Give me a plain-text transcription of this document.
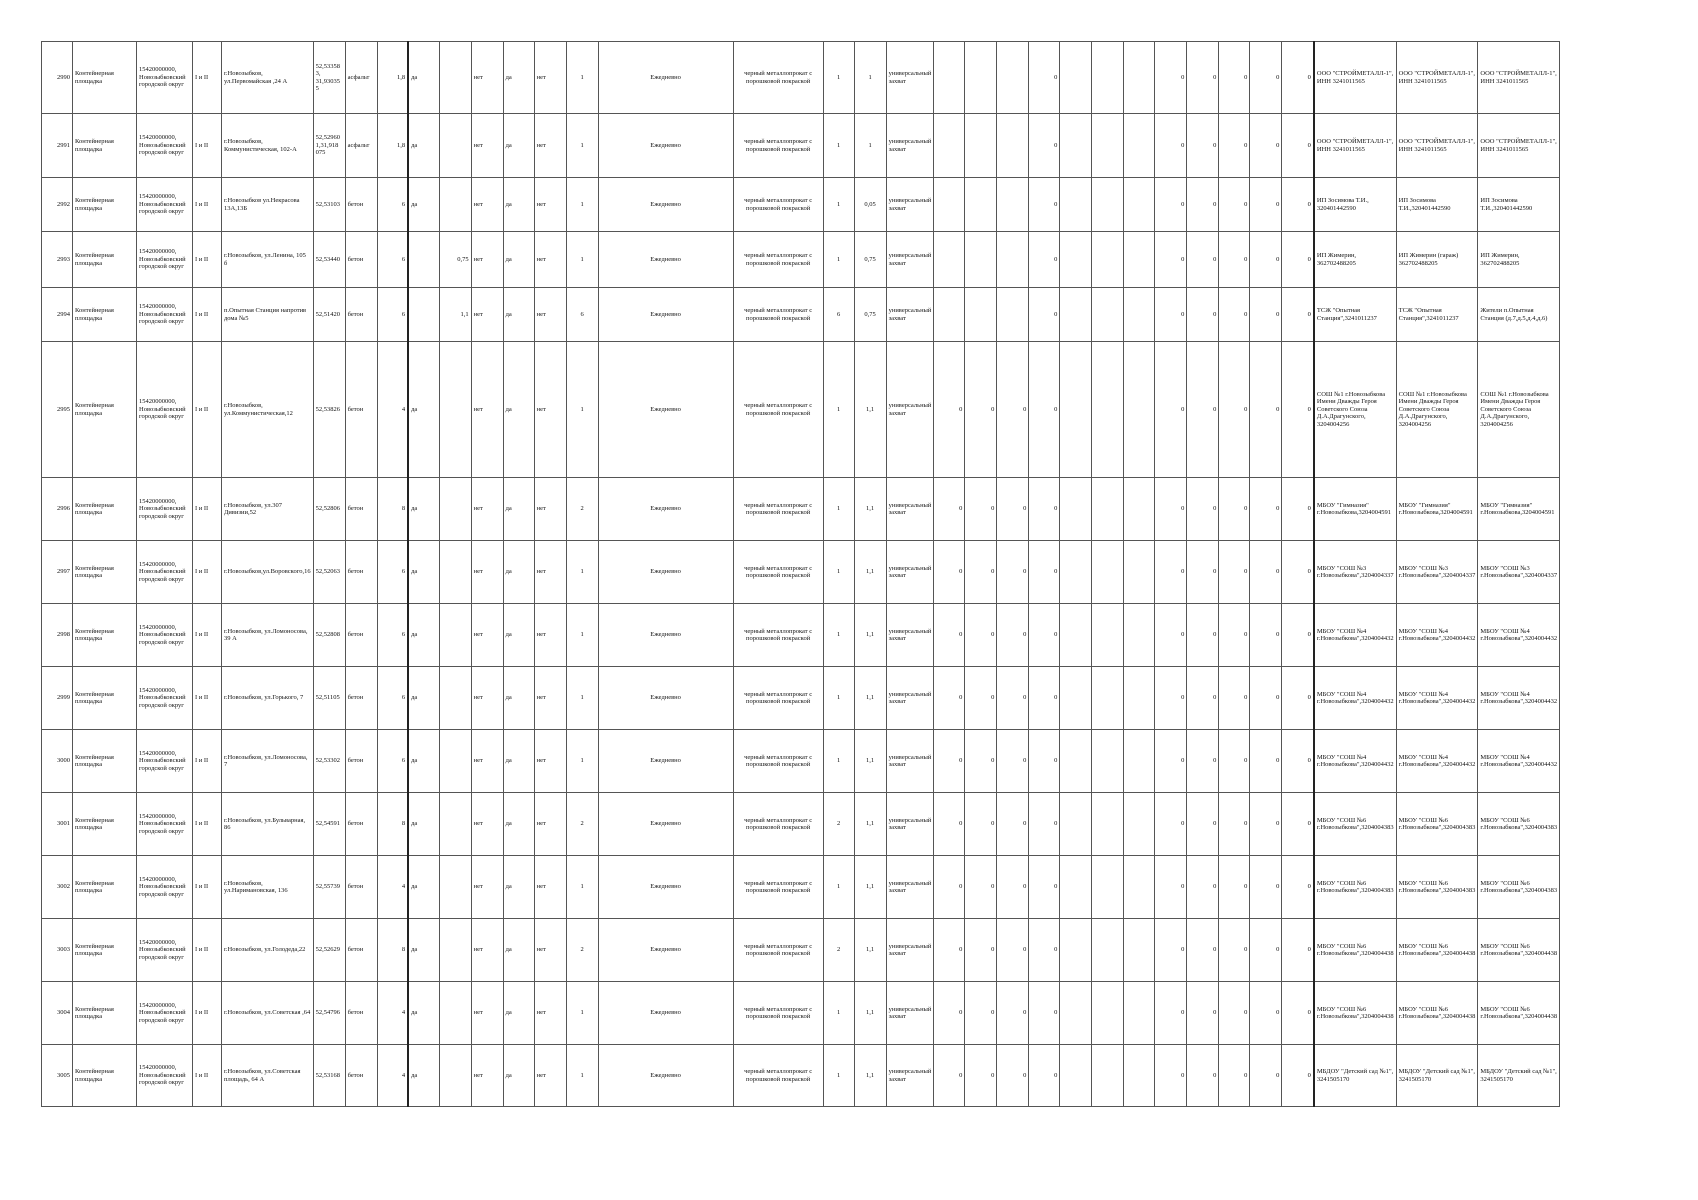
2990	Контейнерная площадка	15420000000, Новозыбковский городской округ	I и II	г.Новозыбков, ул.Первомайская ,24 А	52,53358 3, 31,93035 5	асфальт	1,8	да		нет	да	нет	1	Ежедневно	черный металлопрокат с порошковой покраской	1	1	универсальный захват				0				0	0	0	0	0	ООО "СТРОЙМЕТАЛЛ-1", ИНН 3241011565	ООО "СТРОЙМЕТАЛЛ-1", ИНН 3241011565	ООО "СТРОЙМЕТАЛЛ-1", ИНН 3241011565
2991	Контейнерная площадка	15420000000, Новозыбковский городской округ	I и II	г.Новозыбков, Коммунистическая, 102-А	52,52960 1,31,918 075	асфальт	1,8	да		нет	да	нет	1	Ежедневно	черный металлопрокат с порошковой покраской	1	1	универсальный захват				0				0	0	0	0	0	ООО "СТРОЙМЕТАЛЛ-1", ИНН 3241011565	ООО "СТРОЙМЕТАЛЛ-1", ИНН 3241011565	ООО "СТРОЙМЕТАЛЛ-1", ИНН 3241011565
2992	Контейнерная площадка	15420000000, Новозыбковский городской округ	I и II	г.Новозыбков ул.Некрасова 13А,13Б	52,53103	бетон	6	да		нет	да	нет	1	Ежедневно	черный металлопрокат с порошковой покраской	1	0,05	универсальный захват				0				0	0	0	0	0	ИП Зосимова Т.И., 320401442590	ИП Зосимова Т.И.,320401442590	ИП Зосимова Т.И.,320401442590
2993	Контейнерная площадка	15420000000, Новозыбковский городской округ	I и II	г.Новозыбков, ул.Ленина, 105 б	52,53440	бетон	6		0,75	нет	да	нет	1	Ежедневно	черный металлопрокат с порошковой покраской	1	0,75	универсальный захват				0				0	0	0	0	0	ИП Жимерин, 362702488205	ИП Жимерин (гараж) 362702488205	ИП Жимерин, 362702488205
2994	Контейнерная площадка	15420000000, Новозыбковский городской округ	I и II	п.Опытная Станция напротив дома №5	52,51420	бетон	6		1,1	нет	да	нет	6	Ежедневно	черный металлопрокат с порошковой покраской	6	0,75	универсальный захват				0				0	0	0	0	0	ТСЖ "Опытная Станция",3241011237	ТСЖ "Опытная Станция",3241011237	Жители п.Опытная Станция (д.7,д.5,д.4,д.6)
2995	Контейнерная площадка	15420000000, Новозыбковский городской округ	I и II	г.Новозыбков, ул.Коммунистическая,12	52,53826	бетон	4	да		нет	да	нет	1	Ежедневно	черный металлопрокат с порошковой покраской	1	1,1	универсальный захват	0	0	0	0				0	0	0	0	0	СОШ №1 г.Новозыбкова Имени Дважды Героя Советского Союза Д.А.Драгунского, 3204004256	СОШ №1 г.Новозыбкова Имени Дважды Героя Советского Союза Д.А.Драгунского, 3204004256	СОШ №1 г.Новозыбкова Имени Дважды Героя Советского Союза Д.А.Драгунского, 3204004256
2996	Контейнерная площадка	15420000000, Новозыбковский городской округ	I и II	г.Новозыбков, ул.307 Дивизии,52	52,52806	бетон	8	да		нет	да	нет	2	Ежедневно	черный металлопрокат с порошковой покраской	1	1,1	универсальный захват	0	0	0	0				0	0	0	0	0	МБОУ "Гимназия" г.Новозыбкова,3204004591	МБОУ "Гимназия" г.Новозыбкова,3204004591	МБОУ "Гимназия" г.Новозыбкова,3204004591
2997	Контейнерная площадка	15420000000, Новозыбковский городской округ	I и II	г.Новозыбков,ул.Воровского,16	52,52063	бетон	6	да		нет	да	нет	1	Ежедневно	черный металлопрокат с порошковой покраской	1	1,1	универсальный захват	0	0	0	0				0	0	0	0	0	МБОУ "СОШ №3 г.Новозыбкова",3204004337	МБОУ "СОШ №3 г.Новозыбкова",3204004337	МБОУ "СОШ №3 г.Новозыбкова",3204004337
2998	Контейнерная площадка	15420000000, Новозыбковский городской округ	I и II	г.Новозыбков, ул.Ломоносова, 39 А	52,52808	бетон	6	да		нет	да	нет	1	Ежедневно	черный металлопрокат с порошковой покраской	1	1,1	универсальный захват	0	0	0	0				0	0	0	0	0	МБОУ "СОШ №4 г.Новозыбкова",3204004432	МБОУ "СОШ №4 г.Новозыбкова",3204004432	МБОУ "СОШ №4 г.Новозыбкова",3204004432
2999	Контейнерная площадка	15420000000, Новозыбковский городской округ	I и II	г.Новозыбков, ул.Горького, 7	52,51105	бетон	6	да		нет	да	нет	1	Ежедневно	черный металлопрокат с порошковой покраской	1	1,1	универсальный захват	0	0	0	0				0	0	0	0	0	МБОУ "СОШ №4 г.Новозыбкова",3204004432	МБОУ "СОШ №4 г.Новозыбкова",3204004432	МБОУ "СОШ №4 г.Новозыбкова",3204004432
3000	Контейнерная площадка	15420000000, Новозыбковский городской округ	I и II	г.Новозыбков, ул.Ломоносова, 7	52,53302	бетон	6	да		нет	да	нет	1	Ежедневно	черный металлопрокат с порошковой покраской	1	1,1	универсальный захват	0	0	0	0				0	0	0	0	0	МБОУ "СОШ №4 г.Новозыбкова",3204004432	МБОУ "СОШ №4 г.Новозыбкова",3204004432	МБОУ "СОШ №4 г.Новозыбкова",3204004432
3001	Контейнерная площадка	15420000000, Новозыбковский городской округ	I и II	г.Новозыбков, ул.Бульварная, 86	52,54591	бетон	8	да		нет	да	нет	2	Ежедневно	черный металлопрокат с порошковой покраской	2	1,1	универсальный захват	0	0	0	0				0	0	0	0	0	МБОУ "СОШ №6 г.Новозыбкова",3204004383	МБОУ "СОШ №6 г.Новозыбкова",3204004383	МБОУ "СОШ №6 г.Новозыбкова",3204004383
3002	Контейнерная площадка	15420000000, Новозыбковский городской округ	I и II	г.Новозыбков, ул.Наримановская, 136	52,55739	бетон	4	да		нет	да	нет	1	Ежедневно	черный металлопрокат с порошковой покраской	1	1,1	универсальный захват	0	0	0	0				0	0	0	0	0	МБОУ "СОШ №6 г.Новозыбкова",3204004383	МБОУ "СОШ №6 г.Новозыбкова",3204004383	МБОУ "СОШ №6 г.Новозыбкова",3204004383
3003	Контейнерная площадка	15420000000, Новозыбковский городской округ	I и II	г.Новозыбков, ул.Голодеда,22	52,52629	бетон	8	да		нет	да	нет	2	Ежедневно	черный металлопрокат с порошковой покраской	2	1,1	универсальный захват	0	0	0	0				0	0	0	0	0	МБОУ "СОШ №6 г.Новозыбкова",3204004438	МБОУ "СОШ №6 г.Новозыбкова",3204004438	МБОУ "СОШ №6 г.Новозыбкова",3204004438
3004	Контейнерная площадка	15420000000, Новозыбковский городской округ	I и II	г.Новозыбков, ул.Советская ,64	52,54796	бетон	4	да		нет	да	нет	1	Ежедневно	черный металлопрокат с порошковой покраской	1	1,1	универсальный захват	0	0	0	0				0	0	0	0	0	МБОУ "СОШ №6 г.Новозыбкова",3204004438	МБОУ "СОШ №6 г.Новозыбкова",3204004438	МБОУ "СОШ №6 г.Новозыбкова",3204004438
3005	Контейнерная площадка	15420000000, Новозыбковский городской округ	I и II	г.Новозыбков, ул.Советская площадь, 64 А	52,53168	бетон	4	да		нет	да	нет	1	Ежедневно	черный металлопрокат с порошковой покраской	1	1,1	универсальный захват	0	0	0	0				0	0	0	0	0	МБДОУ "Детский сад №1", 3241505170	МБДОУ "Детский сад №1", 3241505170	МБДОУ "Детский сад №1", 3241505170
